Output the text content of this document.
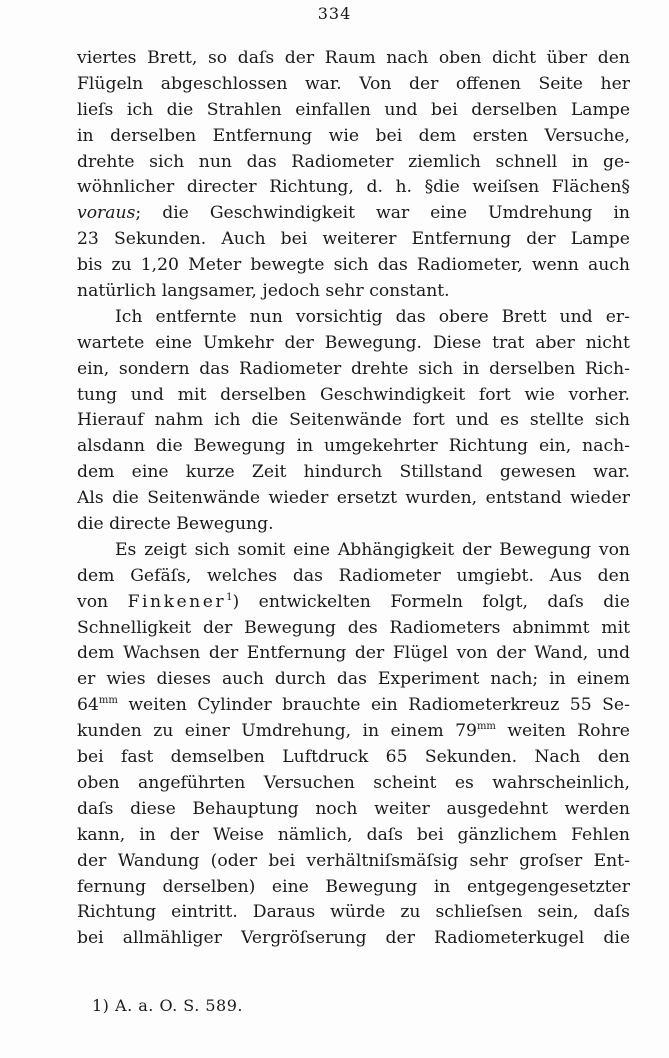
334
viertes Brett, so daſs der Raum nach oben dicht über den
Flügeln abgeschlossen war. Von der offenen Seite her
lieſs ich die Strahlen einfallen und bei derselben Lampe
in derselben Entfernung wie bei dem ersten Versuche,
drehte sich nun das Radiometer ziemlich schnell in ge-
wöhnlicher directer Richtung, d. h. §die weiſsen Flächen§
voraus; die Geschwindigkeit war eine Umdrehung in
23 Sekunden. Auch bei weiterer Entfernung der Lampe
bis zu 1,20 Meter bewegte sich das Radiometer, wenn auch
natürlich langsamer, jedoch sehr constant.
Ich entfernte nun vorsichtig das obere Brett und er-
wartete eine Umkehr der Bewegung. Diese trat aber nicht
ein, sondern das Radiometer drehte sich in derselben Rich-
tung und mit derselben Geschwindigkeit fort wie vorher.
Hierauf nahm ich die Seitenwände fort und es stellte sich
alsdann die Bewegung in umgekehrter Richtung ein, nach-
dem eine kurze Zeit hindurch Stillstand gewesen war.
Als die Seitenwände wieder ersetzt wurden, entstand wieder
die directe Bewegung.
Es zeigt sich somit eine Abhängigkeit der Bewegung von
dem Gefäſs, welches das Radiometer umgiebt. Aus den
von Finkener$^1$) entwickelten Formeln folgt, daſs die
Schnelligkeit der Bewegung des Radiometers abnimmt mit
dem Wachsen der Entfernung der Flügel von der Wand, und
er wies dieses auch durch das Experiment nach; in einem
$64^{mm}$ weiten Cylinder brauchte ein Radiometerkreuz 55 Se-
kunden zu einer Umdrehung, in einem $79^{mm}$ weiten Rohre
bei fast demselben Luftdruck 65 Sekunden. Nach den
oben angeführten Versuchen scheint es wahrscheinlich,
daſs diese Behauptung noch weiter ausgedehnt werden
kann, in der Weise nämlich, daſs bei gänzlichem Fehlen
der Wandung (oder bei verhältniſsmäſsig sehr groſser Ent-
fernung derselben) eine Bewegung in entgegengesetzter
Richtung eintritt. Daraus würde zu schlieſsen sein, daſs
bei allmähliger Vergröſserung der Radiometerkugel die
1) A. a. O. S. 589.
